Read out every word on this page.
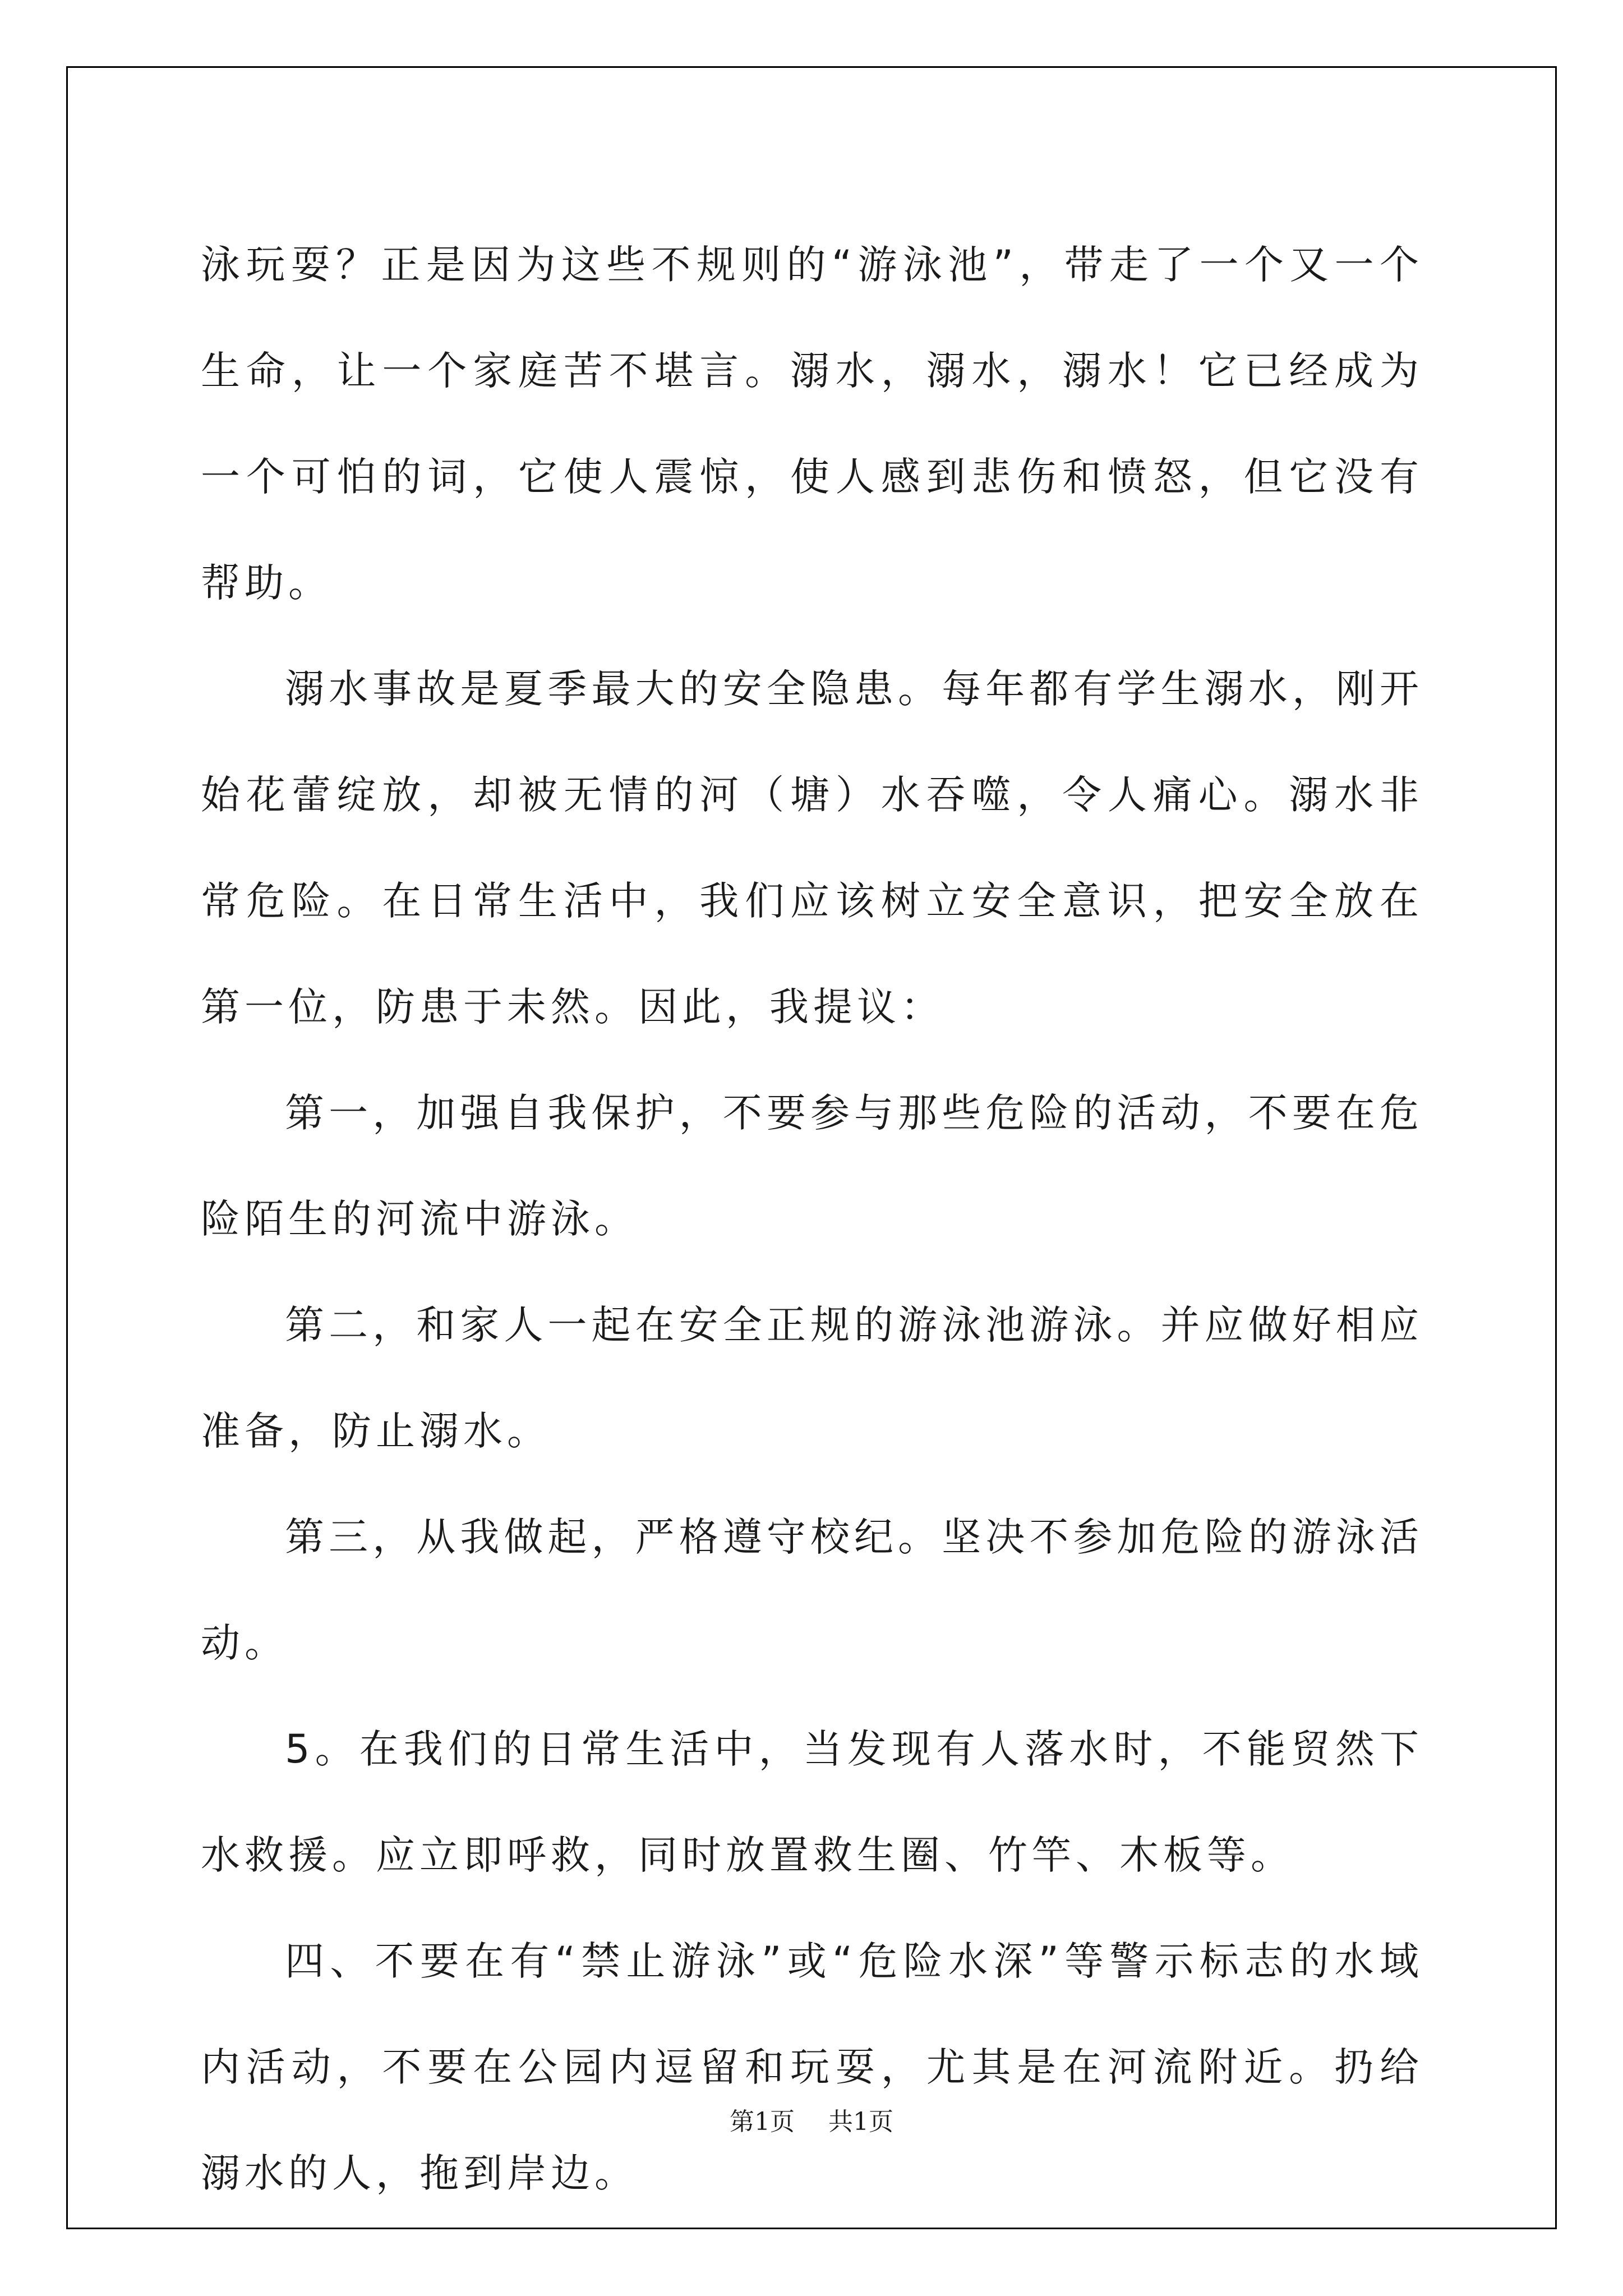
泳玩耍？正是因为这些不规则的“游泳池”，带走了一个又一个生命，让一个家庭苦不堪言。溺水，溺水，溺水！它已经成为一个可怕的词，它使人震惊，使人感到悲伤和愤怒，但它没有帮助。

溺水事故是夏季最大的安全隐患。每年都有学生溺水，刚开始花蕾绽放，却被无情的河（塘）水吞噬，令人痛心。溺水非常危险。在日常生活中，我们应该树立安全意识，把安全放在第一位，防患于未然。因此，我提议：

第一，加强自我保护，不要参与那些危险的活动，不要在危险陌生的河流中游泳。

第二，和家人一起在安全正规的游泳池游泳。并应做好相应准备，防止溺水。

第三，从我做起，严格遵守校纪。坚决不参加危险的游泳活动。

5。在我们的日常生活中，当发现有人落水时，不能贸然下水救援。应立即呼救，同时放置救生圈、竹竿、木板等。

四、不要在有“禁止游泳”或“危险水深”等警示标志的水域内活动，不要在公园内逗留和玩耍，尤其是在河流附近。扔给溺水的人，拖到岸边。

第1页 共1页
